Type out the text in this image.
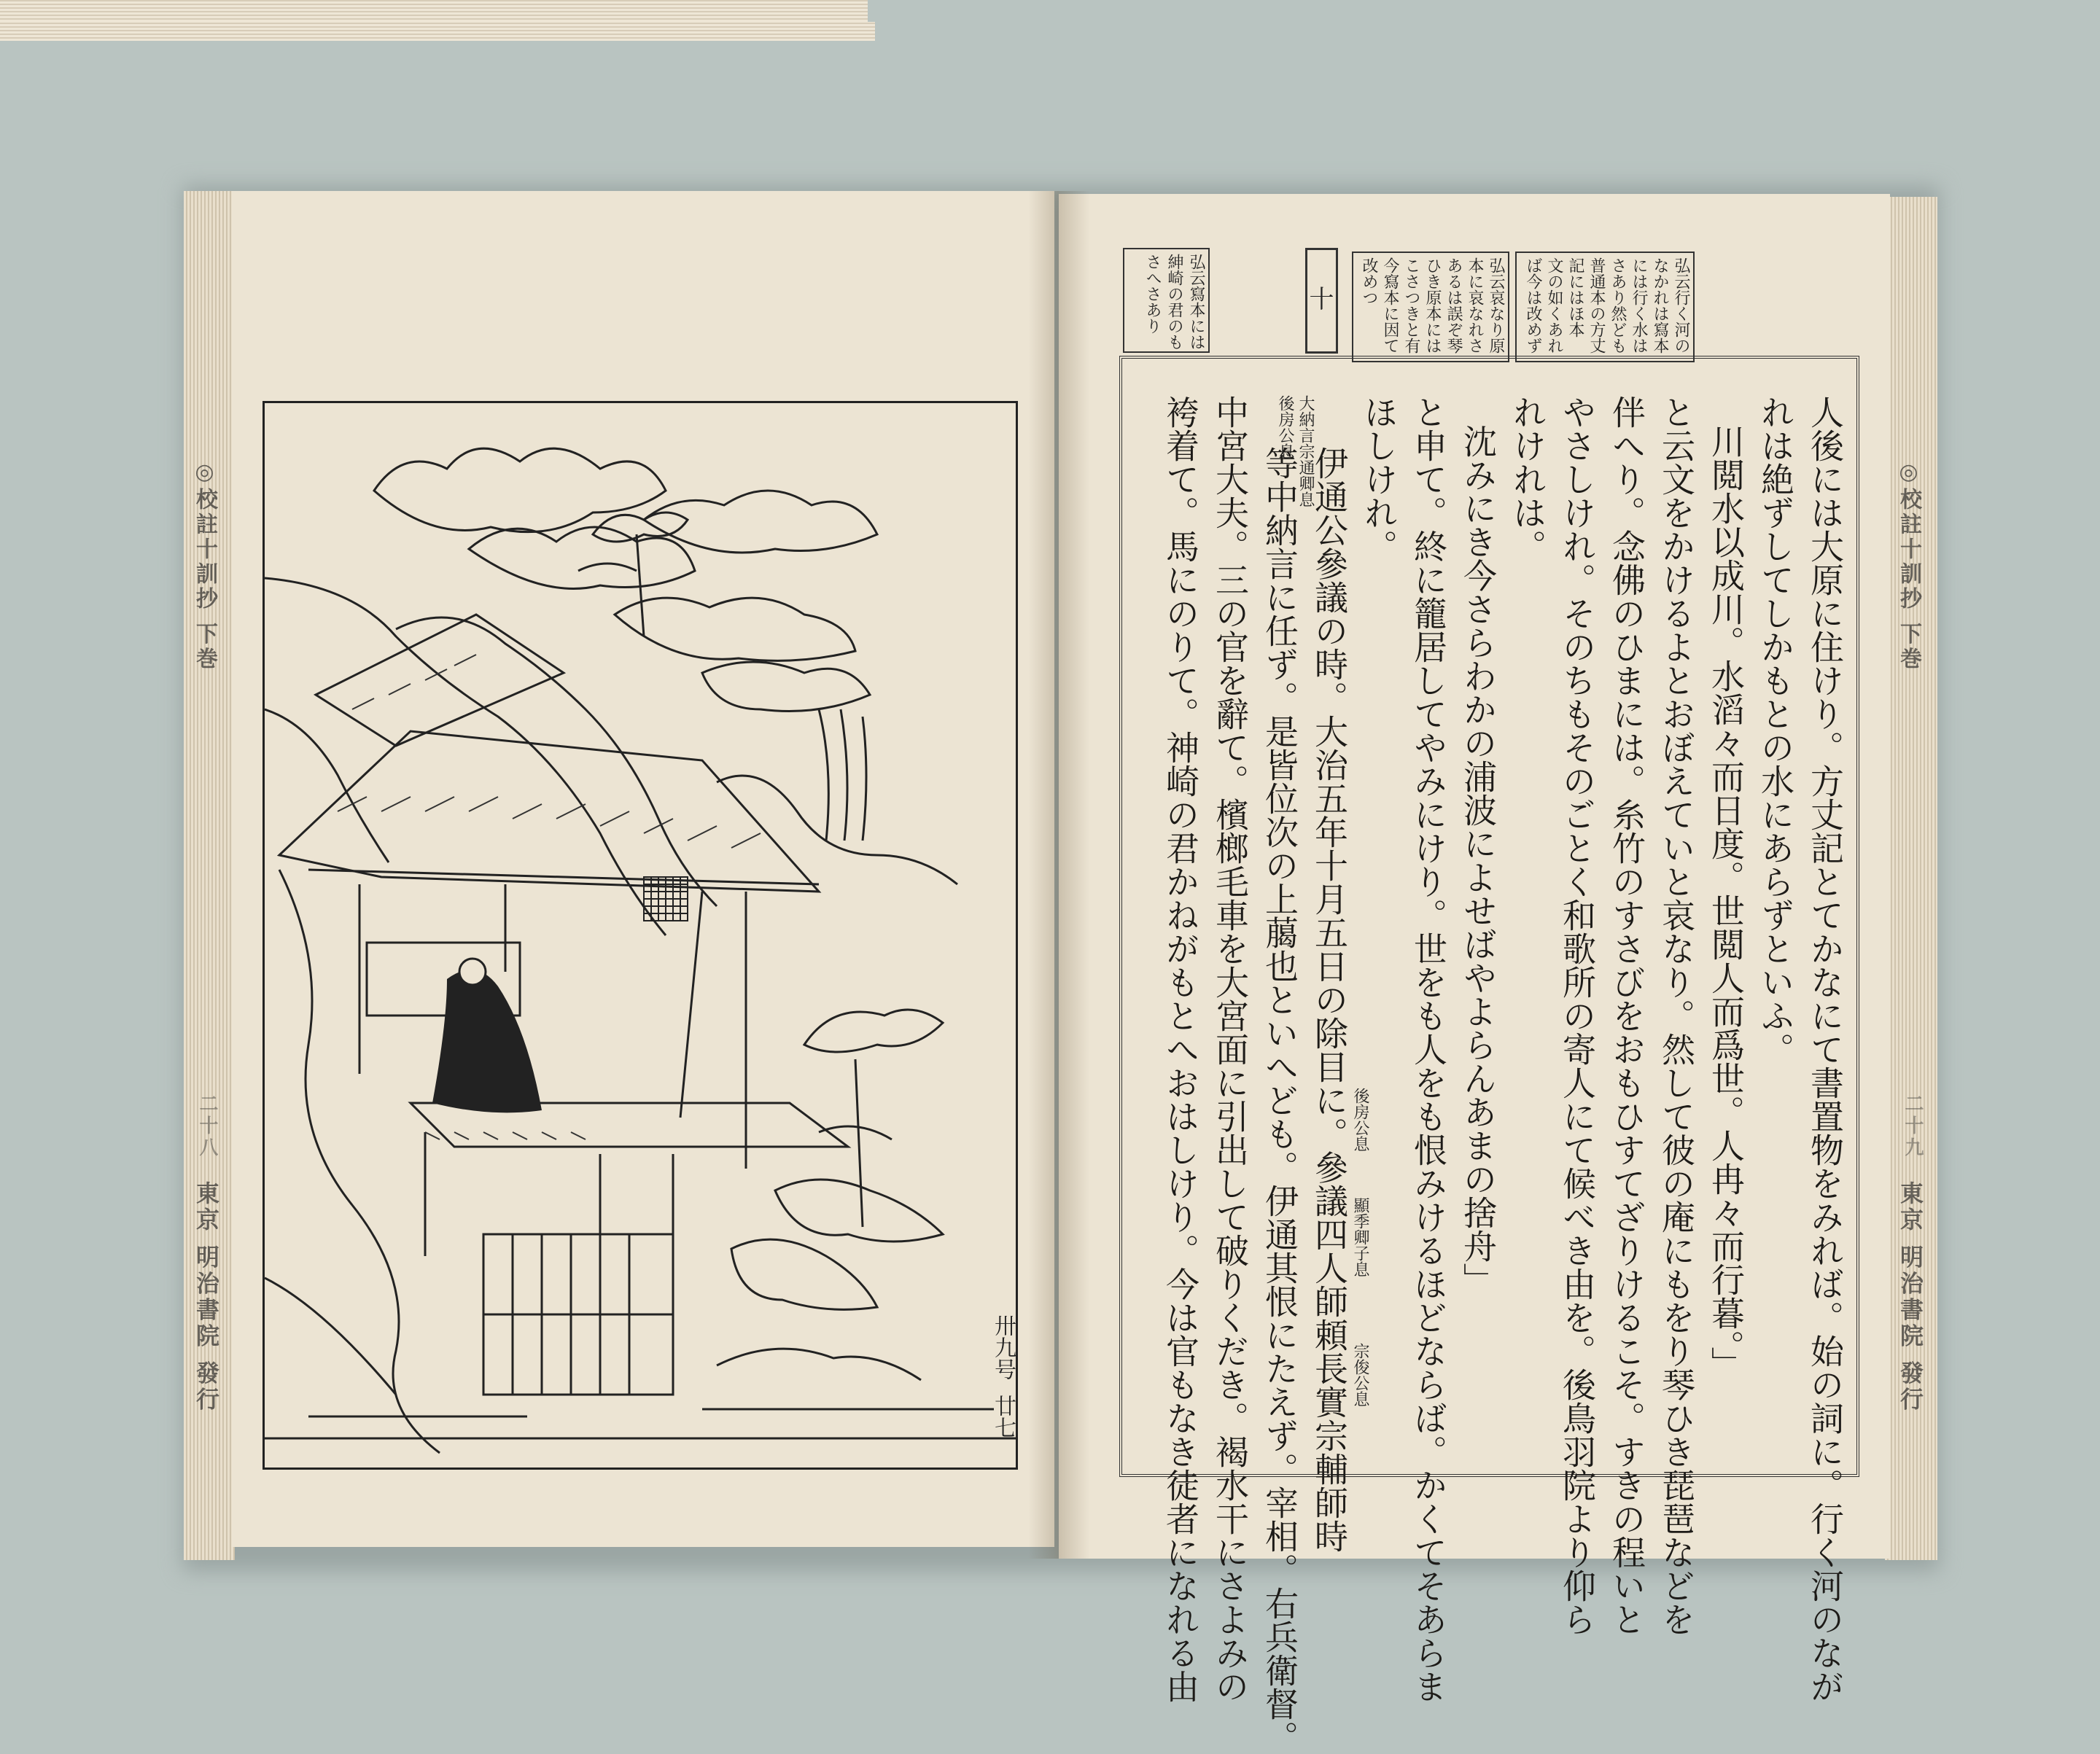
◎校註十訓抄 下巻
二十八
東京 明治書院 發行
◎校註十訓抄 下巻
二十九
東京 明治書院 發行
卅九号
廿七
十	弘云行く河の
なかれは寫本
には行く水は
さあり然ども
普通本の方丈
記にはほ本
文の如くあれ
ば今は改めず
弘云哀なり原
本に哀なれさ
あるは誤ぞ琴
ひき原本には
こさつきと有
今寫本に因て
改めつ
弘云寫本には
紳崎の君のも
さへさあり
﻿
人後には大原に住けり。方丈記とてかなにて書置物をみれば。始の詞に。行く河のなが
れは絶ずしてしかもとの水にあらずといふ。
川閲水以成川。水滔々而日度。世閲人而爲世。人冉々而行暮。」
と云文をかけるよとおぼえていと哀なり。然して彼の庵にもをり琴ひき琵琶などを
伴へり。念佛のひまには。糸竹のすさびをおもひすてざりけるこそ。すきの程いと
やさしけれ。そのちもそのごとく和歌所の寄人にて候べき由を。後鳥羽院より仰ら
れけれは。
沈みにき今さらわかの浦波によせばやよらんあまの捨舟」
と申て。終に籠居してやみにけり。世をも人をも恨みけるほどならば。かくてそあらま
ほしけれ。
伊通公參議の時。大治五年十月五日の除目に。參議四人師頼長實宗輔師時
等中納言に任ず。是皆位次の上﨟也といへども。伊通其恨にたえず。宰相。右兵衛督。
中宮大夫。三の官を辭て。檳榔毛車を大宮面に引出して破りくだき。褐水干にさよみの
袴着て。馬にのりて。神崎の君かねがもとへおはしけり。今は官もなき徒者になれる由	大納言宗通卿息
後房公息
後房公息
顯季卿子息
宗俊公息
